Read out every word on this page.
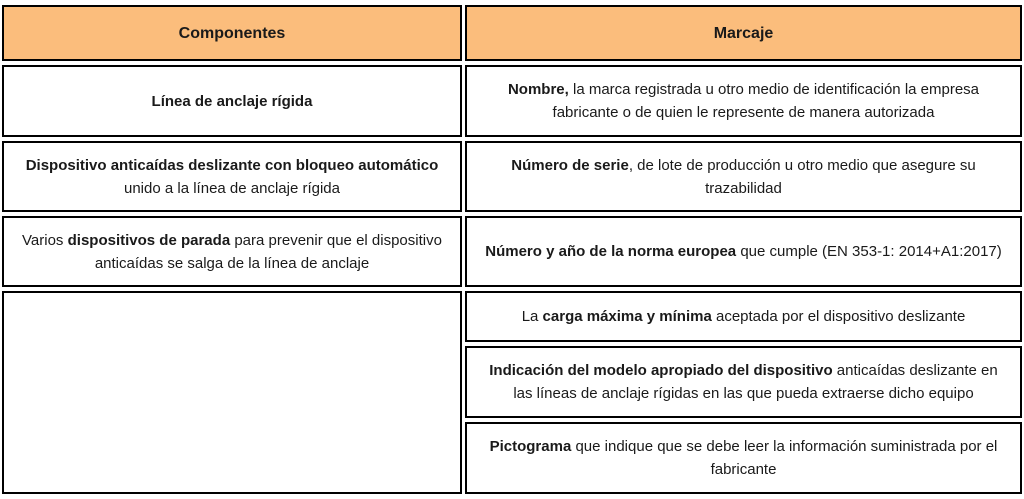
Componentes	Marcaje
Línea de anclaje rígida
Dispositivo anticaídas deslizante con bloqueo automático unido a la línea de anclaje rígida
Varios dispositivos de parada para prevenir que el dispositivo anticaídas se salga de la línea de anclaje
Nombre, la marca registrada u otro medio de identificación la empresa fabricante o de quien le represente de manera autorizada
Número de serie, de lote de producción u otro medio que asegure su trazabilidad
Número y año de la norma europea que cumple (EN 353-1: 2014+A1:2017)
La carga máxima y mínima aceptada por el dispositivo deslizante
Indicación del modelo apropiado del dispositivo anticaídas deslizante en las líneas de anclaje rígidas en las que pueda extraerse dicho equipo
Pictograma que indique que se debe leer la información suministrada por el fabricante
